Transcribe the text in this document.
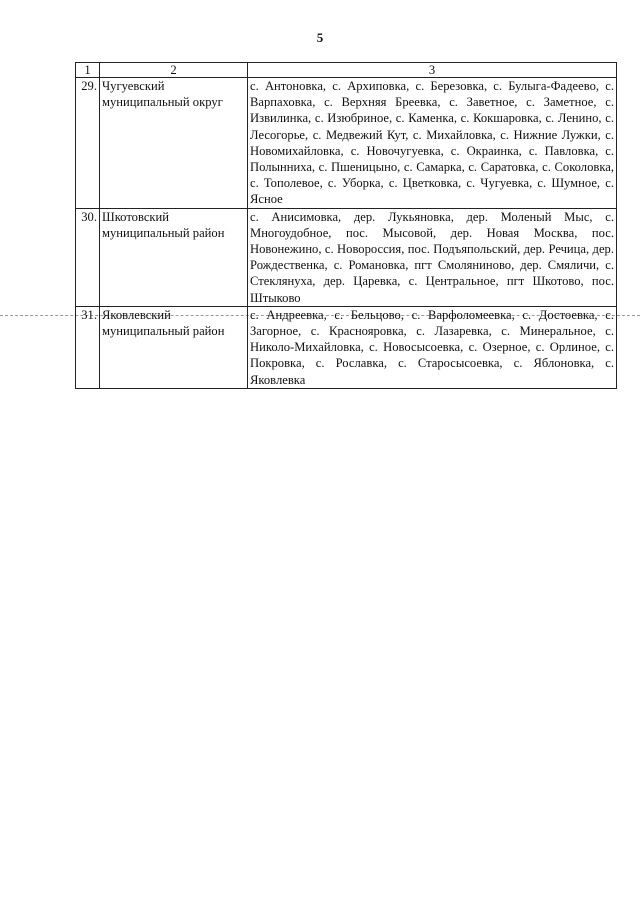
5
1	2	3
29.	Чугуевский муниципальный округ	с. Антоновка, с. Архиповка, с. Березовка, с. Булыга-Фадеево, с. Варпаховка, с. Верхняя Бреевка, с. Заветное, с. Заметное, с. Извилинка, с. Изюбриное, с. Каменка, с. Кокшаровка, с. Ленино, с. Лесогорье, с. Медвежий Кут, с. Михайловка, с. Нижние Лужки, с. Новомихайловка, с. Новочугуевка, с. Окраинка, с. Павловка, с. Полынниха, с. Пшеницыно, с. Самарка, с. Саратовка, с. Соколовка, с. Тополевое, с. Уборка, с. Цветковка, с. Чугуевка, с. Шумное, с. Ясное
30.	Шкотовский муниципальный район	с. Анисимовка, дер. Лукьяновка, дер. Моленый Мыс, с. Многоудобное, пос. Мысовой, дер. Новая Москва, пос. Новонежино, с. Новороссия, пос. Подъяпольский, дер. Речица, дер. Рождественка, с. Романовка, пгт Смоляниново, дер. Смяличи, с. Стеклянуха, дер. Царевка, с. Центральное, пгт Шкотово, пос. Штыково
31.	Яковлевский муниципальный район	с. Андреевка, с. Бельцово, с. Варфоломеевка, с. Достоевка, с. Загорное, с. Краснояровка, с. Лазаревка, с. Минеральное, с. Николо-Михайловка, с. Новосысоевка, с. Озерное, с. Орлиное, с. Покровка, с. Рославка, с. Старосысоевка, с. Яблоновка, с. Яковлевка
